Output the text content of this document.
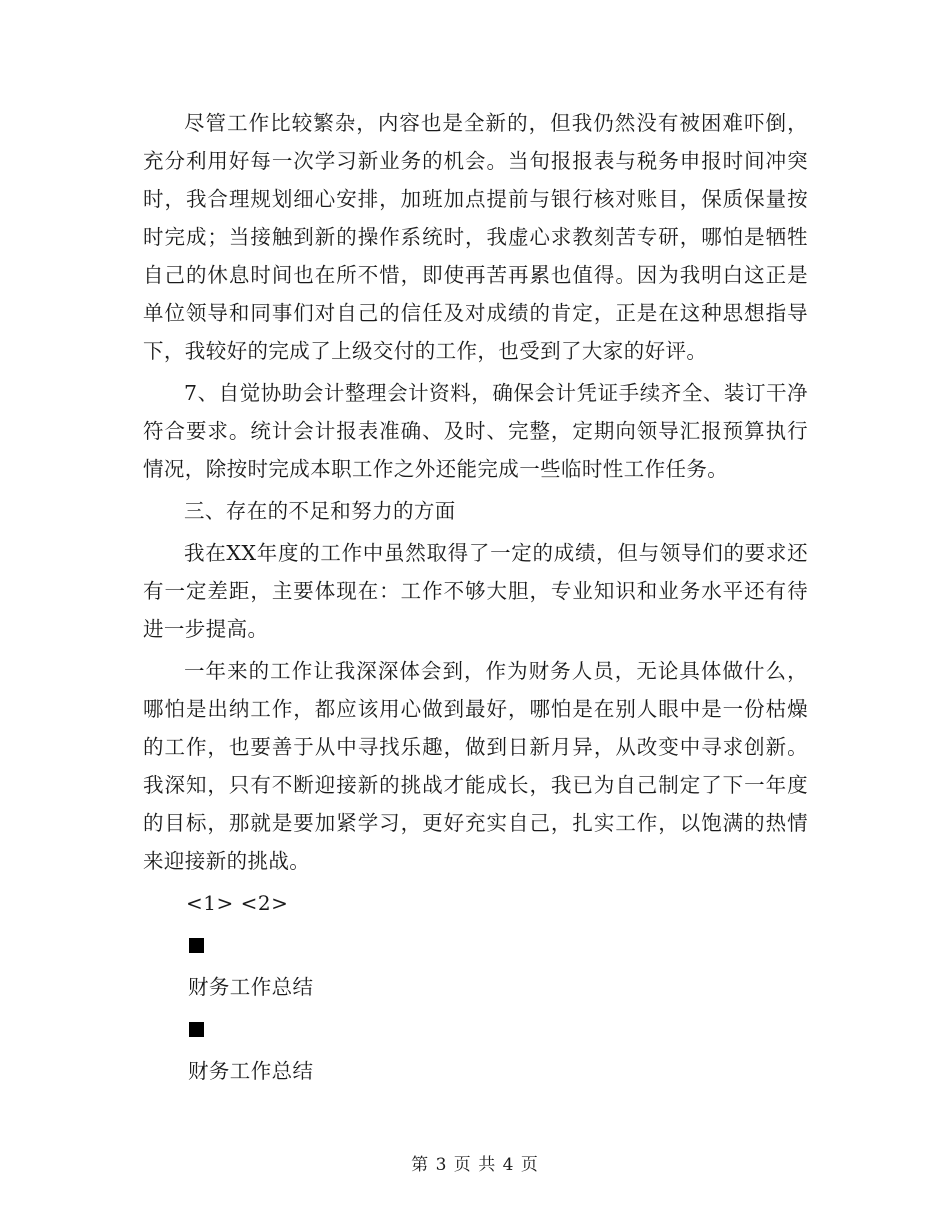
尽管工作比较繁杂，内容也是全新的，但我仍然没有被困难吓倒，充分利用好每一次学习新业务的机会。当旬报报表与税务申报时间冲突时，我合理规划细心安排，加班加点提前与银行核对账目，保质保量按时完成；当接触到新的操作系统时，我虚心求教刻苦专研，哪怕是牺牲自己的休息时间也在所不惜，即使再苦再累也值得。因为我明白这正是单位领导和同事们对自己的信任及对成绩的肯定，正是在这种思想指导下，我较好的完成了上级交付的工作，也受到了大家的好评。

7、自觉协助会计整理会计资料，确保会计凭证手续齐全、装订干净符合要求。统计会计报表准确、及时、完整，定期向领导汇报预算执行情况，除按时完成本职工作之外还能完成一些临时性工作任务。

三、存在的不足和努力的方面

我在XX年度的工作中虽然取得了一定的成绩，但与领导们的要求还有一定差距，主要体现在：工作不够大胆，专业知识和业务水平还有待进一步提高。

一年来的工作让我深深体会到，作为财务人员，无论具体做什么，哪怕是出纳工作，都应该用心做到最好，哪怕是在别人眼中是一份枯燥的工作，也要善于从中寻找乐趣，做到日新月异，从改变中寻求创新。我深知，只有不断迎接新的挑战才能成长，我已为自己制定了下一年度的目标，那就是要加紧学习，更好充实自己，扎实工作，以饱满的热情来迎接新的挑战。

<1> <2>

财务工作总结

财务工作总结

第 3 页 共 4 页
